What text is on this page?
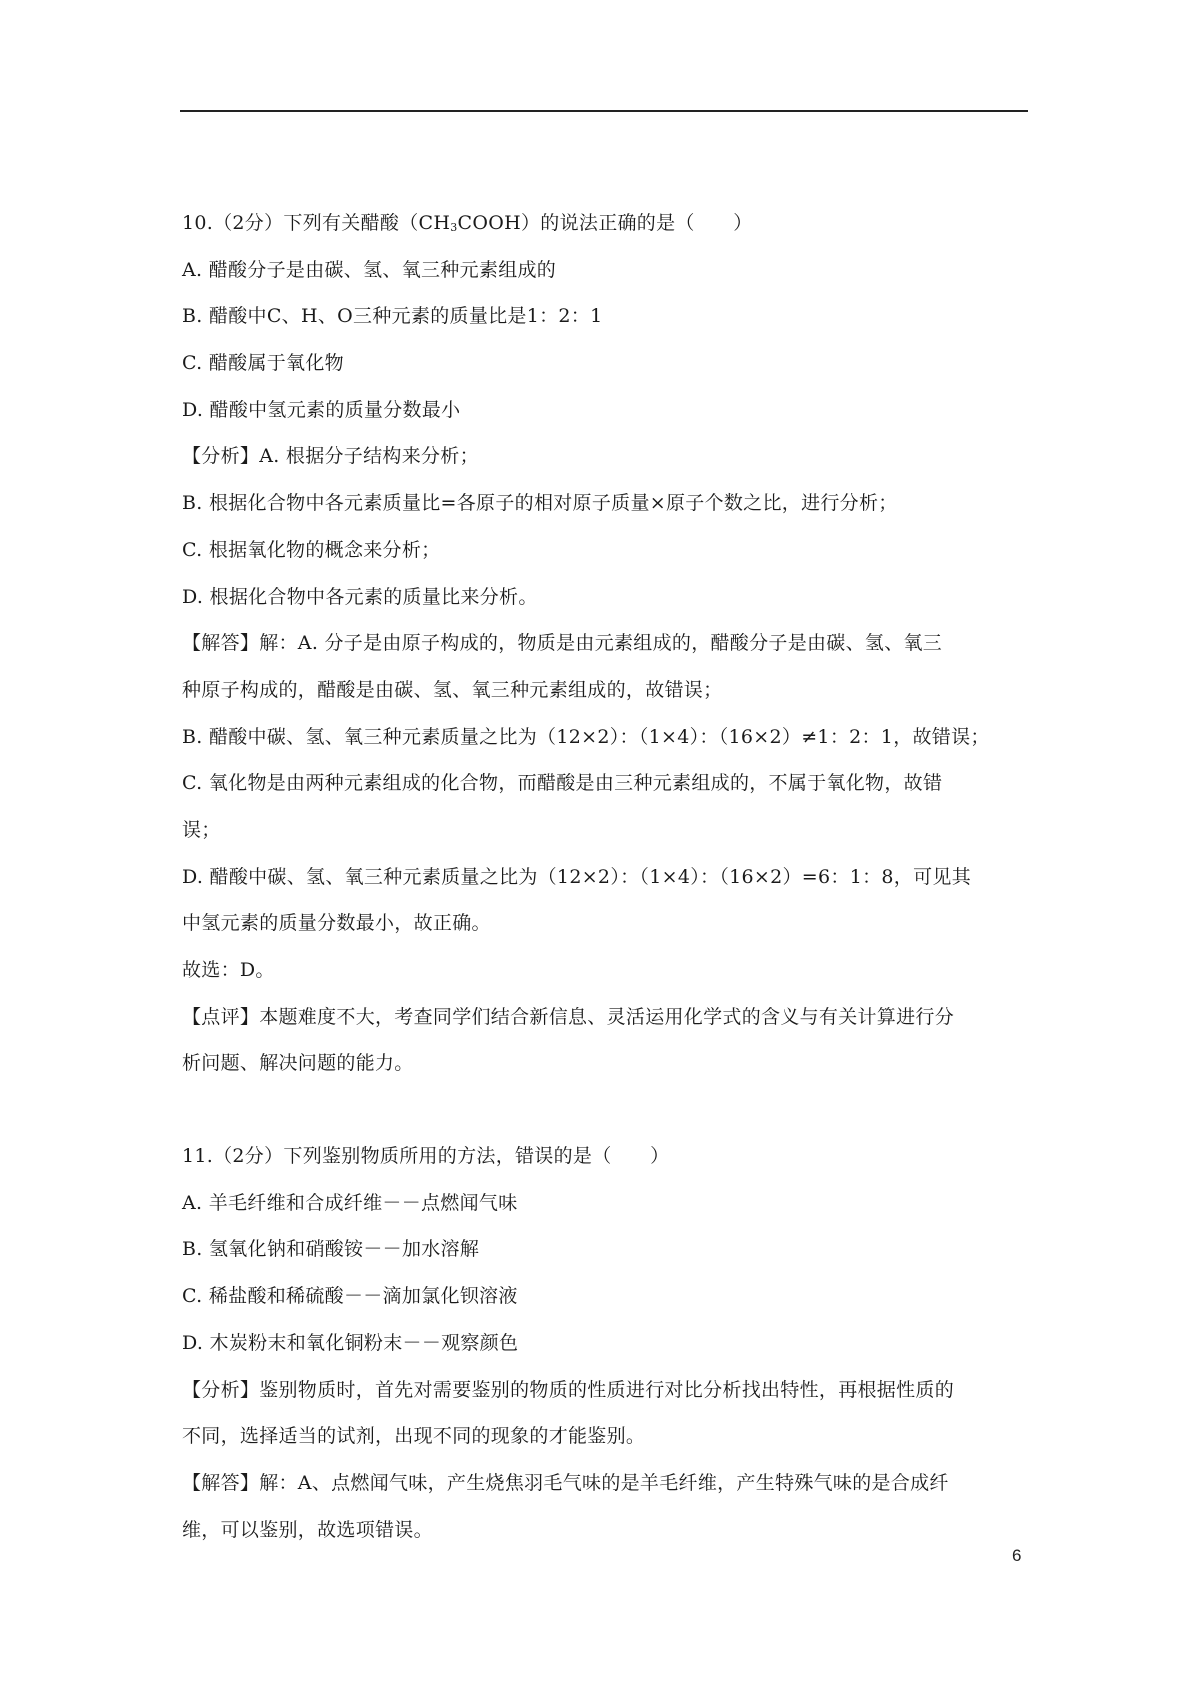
10.（2分）下列有关醋酸$(CH_3COOH)$的说法正确的是（　　）
A. 醋酸分子是由碳、氢、氧三种元素组成的
B. 醋酸中C、H、O三种元素的质量比是1：2：1
C. 醋酸属于氧化物
D. 醋酸中氢元素的质量分数最小
【分析】A. 根据分子结构来分析；
B. 根据化合物中各元素质量比=各原子的相对原子质量×原子个数之比，进行分析；
C. 根据氧化物的概念来分析；
D. 根据化合物中各元素的质量比来分析。
【解答】解：A. 分子是由原子构成的，物质是由元素组成的，醋酸分子是由碳、氢、氧三
种原子构成的，醋酸是由碳、氢、氧三种元素组成的，故错误；
B. 醋酸中碳、氢、氧三种元素质量之比为（12×2）：（1×4）：（16×2）≠1：2：1，故错误；
C. 氧化物是由两种元素组成的化合物，而醋酸是由三种元素组成的，不属于氧化物，故错
误；
D. 醋酸中碳、氢、氧三种元素质量之比为（12×2）：（1×4）：（16×2）=6：1：8，可见其
中氢元素的质量分数最小，故正确。
故选：D。
【点评】本题难度不大，考查同学们结合新信息、灵活运用化学式的含义与有关计算进行分
析问题、解决问题的能力。
11.（2分）下列鉴别物质所用的方法，错误的是（　　）
A. 羊毛纤维和合成纤维－－点燃闻气味
B. 氢氧化钠和硝酸铵－－加水溶解
C. 稀盐酸和稀硫酸－－滴加氯化钡溶液
D. 木炭粉末和氧化铜粉末－－观察颜色
【分析】鉴别物质时，首先对需要鉴别的物质的性质进行对比分析找出特性，再根据性质的
不同，选择适当的试剂，出现不同的现象的才能鉴别。
【解答】解：A、点燃闻气味，产生烧焦羽毛气味的是羊毛纤维，产生特殊气味的是合成纤
维，可以鉴别，故选项错误。
6
